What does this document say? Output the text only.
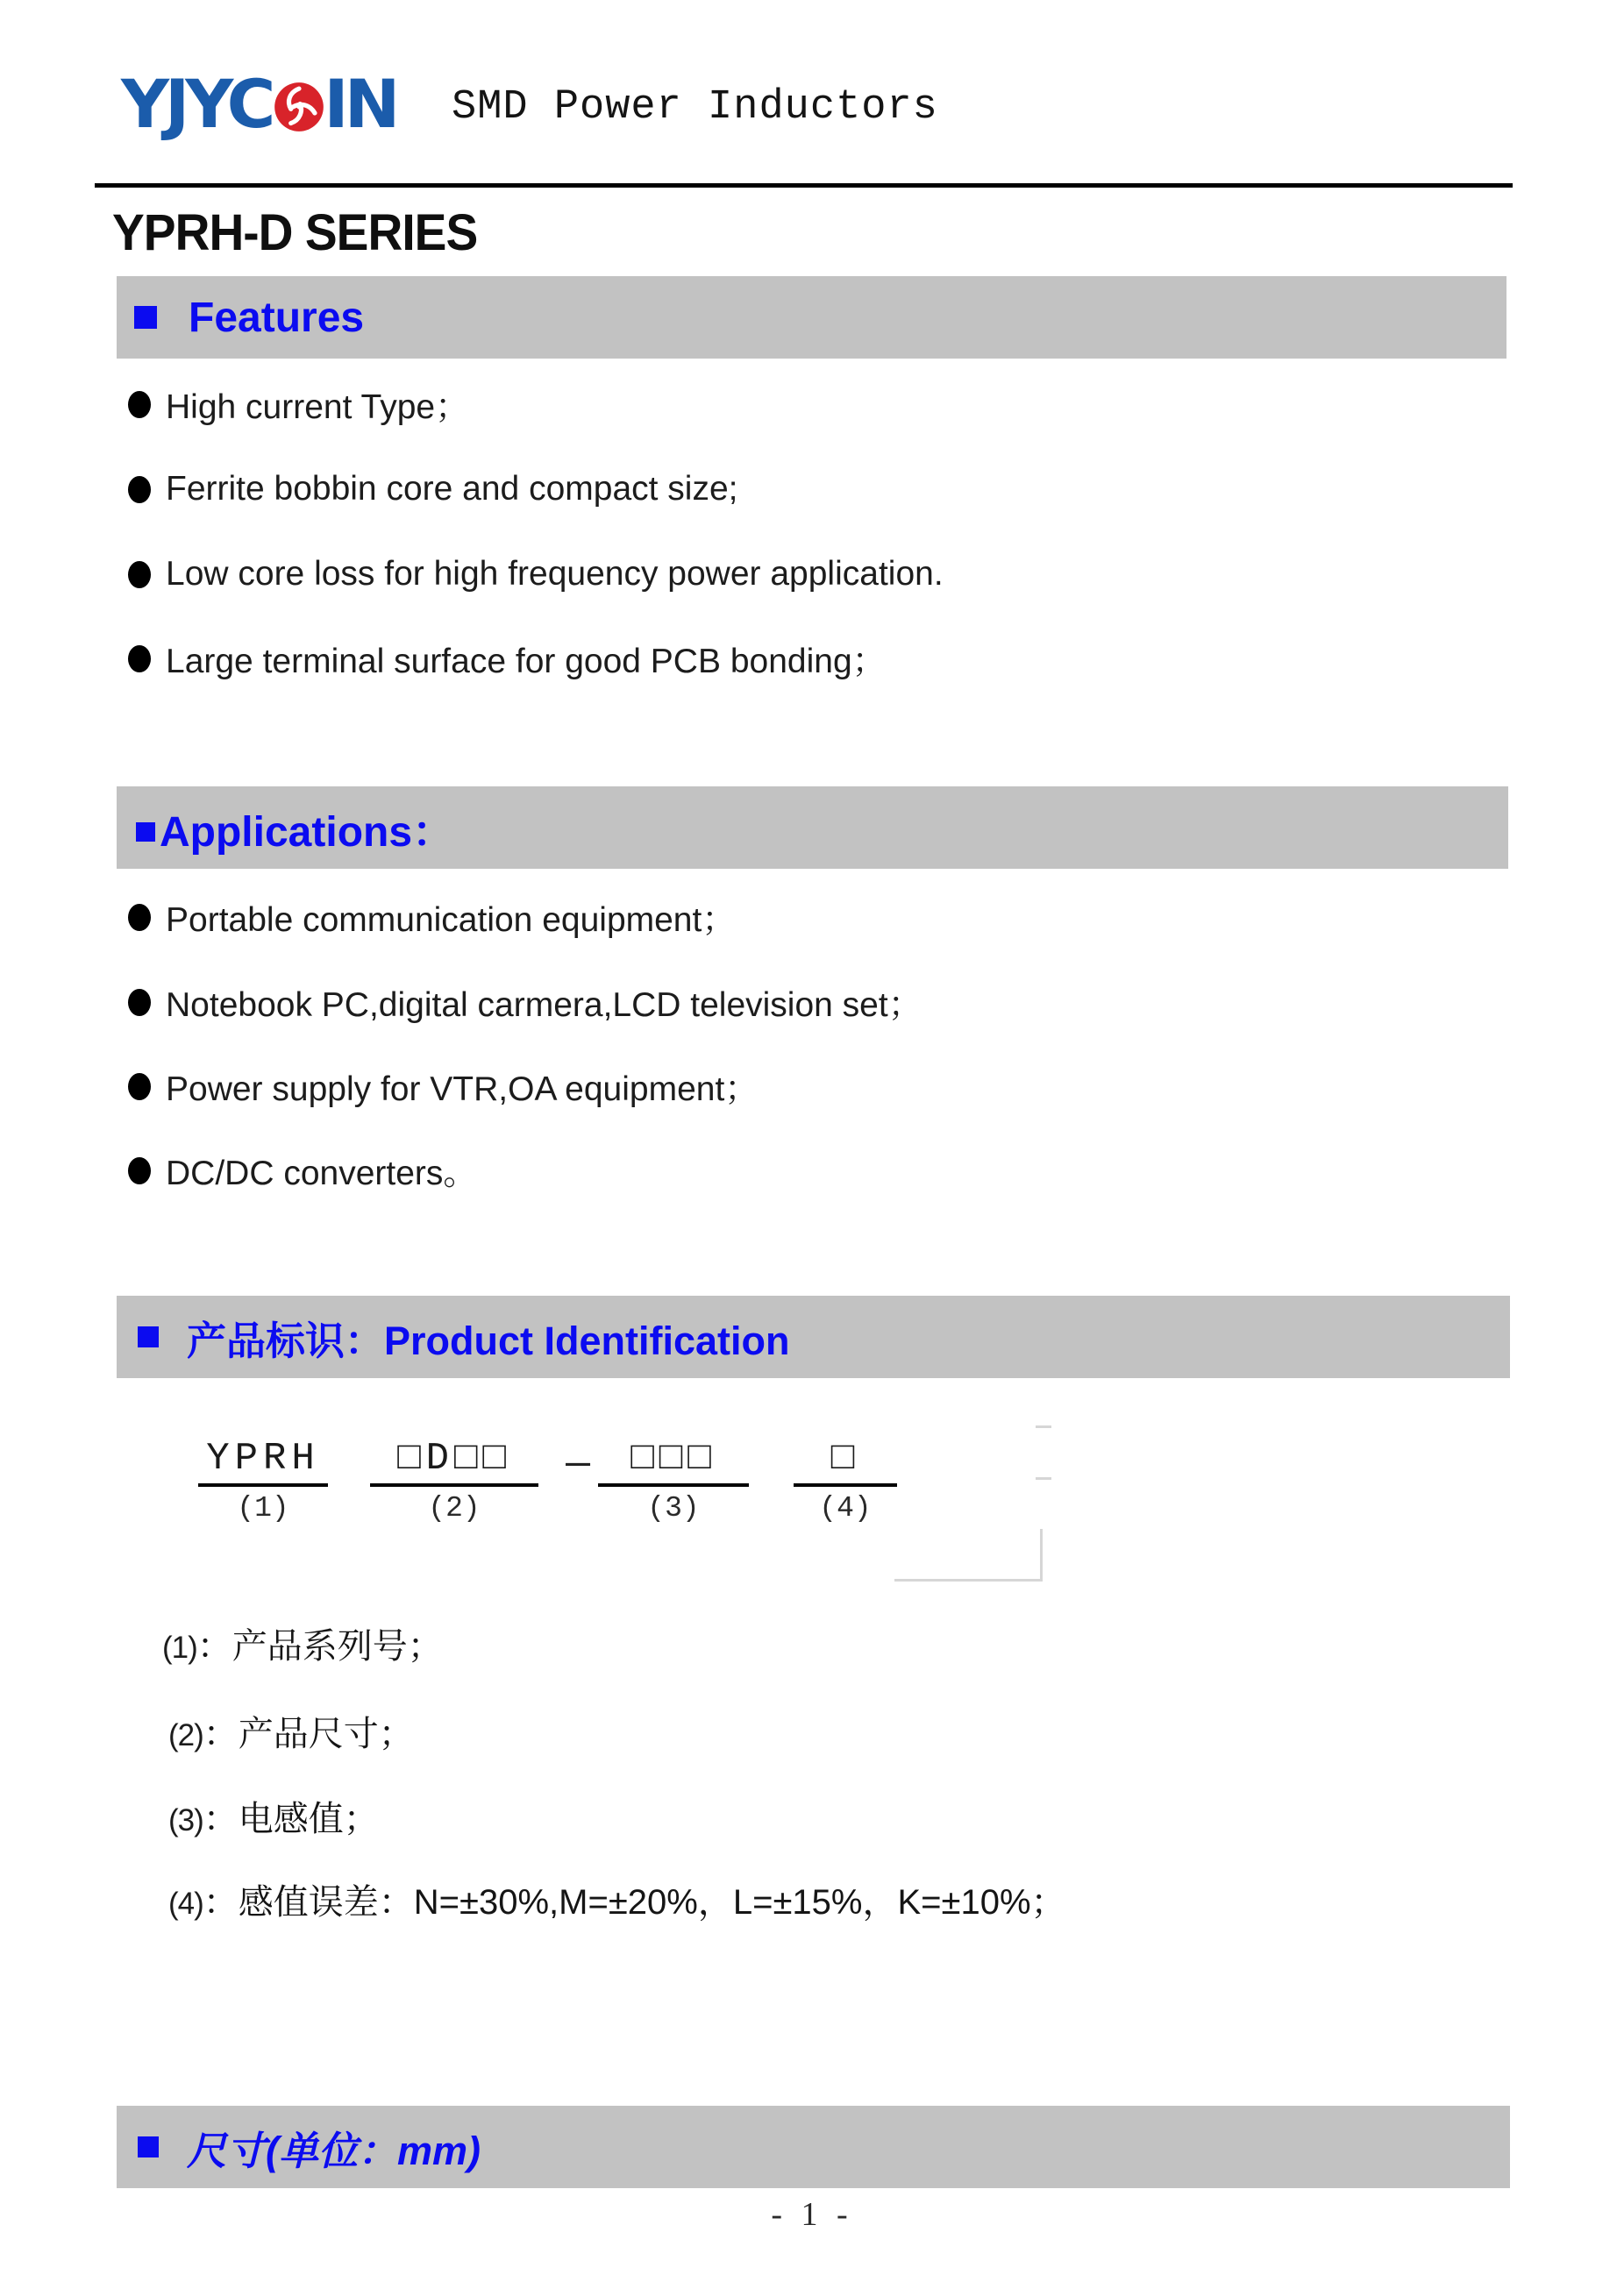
YJYC IN SMD Power Inductors
YPRH-D SERIES
Features
High current Type；
Ferrite bobbin core and compact size;
Low core loss for high frequency power application.
Large terminal surface for good PCB bonding；
Applications：
Portable communication equipment；
Notebook PC,digital carmera,LCD television set；
Power supply for VTR,OA equipment；
DC/DC converters。
产品标识：Product Identification
YPRH
(1)
□D□□
(2)
—	□□□
(3)
□
(4)
(1) ：产品系列号；
(2) ：产品尺寸；
(3) ：电感值；
(4) ：感值误差：N=±30%,M=±20%，L=±15%，K=±10%；
尺寸(单位：mm)
- 1 -
